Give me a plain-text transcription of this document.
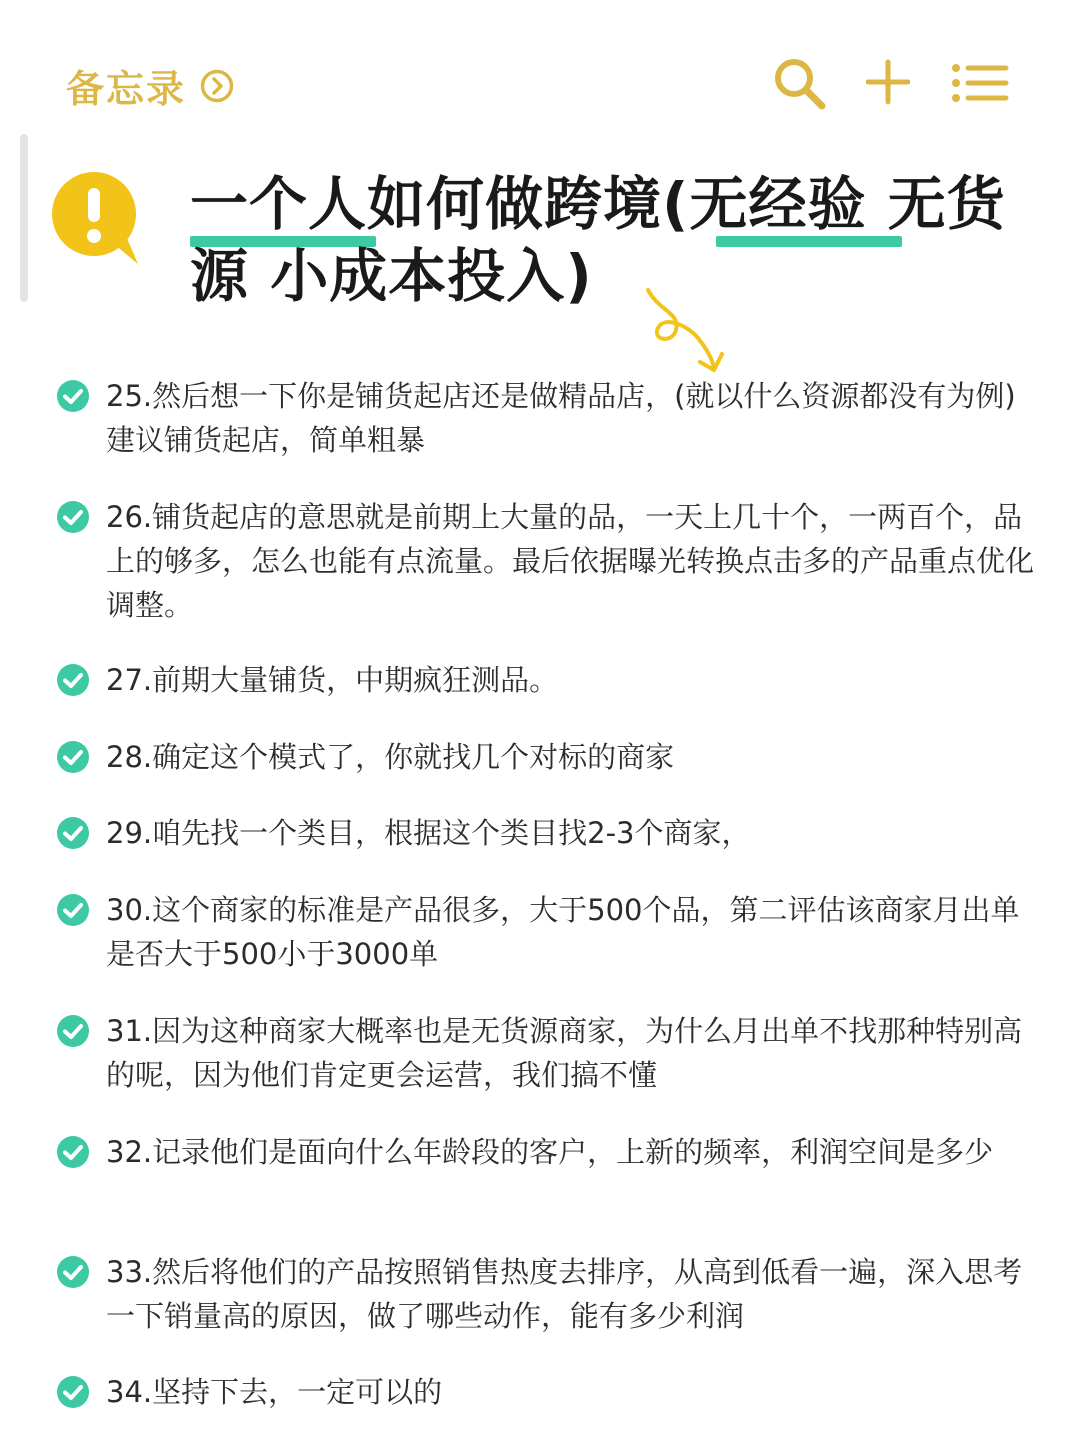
备忘录
一个人如何做跨境(无经验 无货源 小成本投入)
25.然后想一下你是铺货起店还是做精品店，(就以什么资源都没有为例)建议铺货起店，简单粗暴
26.铺货起店的意思就是前期上大量的品，一天上几十个，一两百个，品上的够多，怎么也能有点流量。最后依据曝光转换点击多的产品重点优化调整。
27.前期大量铺货，中期疯狂测品。
28.确定这个模式了，你就找几个对标的商家
29.咱先找一个类目，根据这个类目找2-3个商家，
30.这个商家的标准是产品很多，大于500个品，第二评估该商家月出单是否大于500小于3000单
31.因为这种商家大概率也是无货源商家，为什么月出单不找那种特别高的呢，因为他们肯定更会运营，我们搞不懂
32.记录他们是面向什么年龄段的客户，上新的频率，利润空间是多少
33.然后将他们的产品按照销售热度去排序，从高到低看一遍，深入思考一下销量高的原因，做了哪些动作，能有多少利润
34.坚持下去，一定可以的
